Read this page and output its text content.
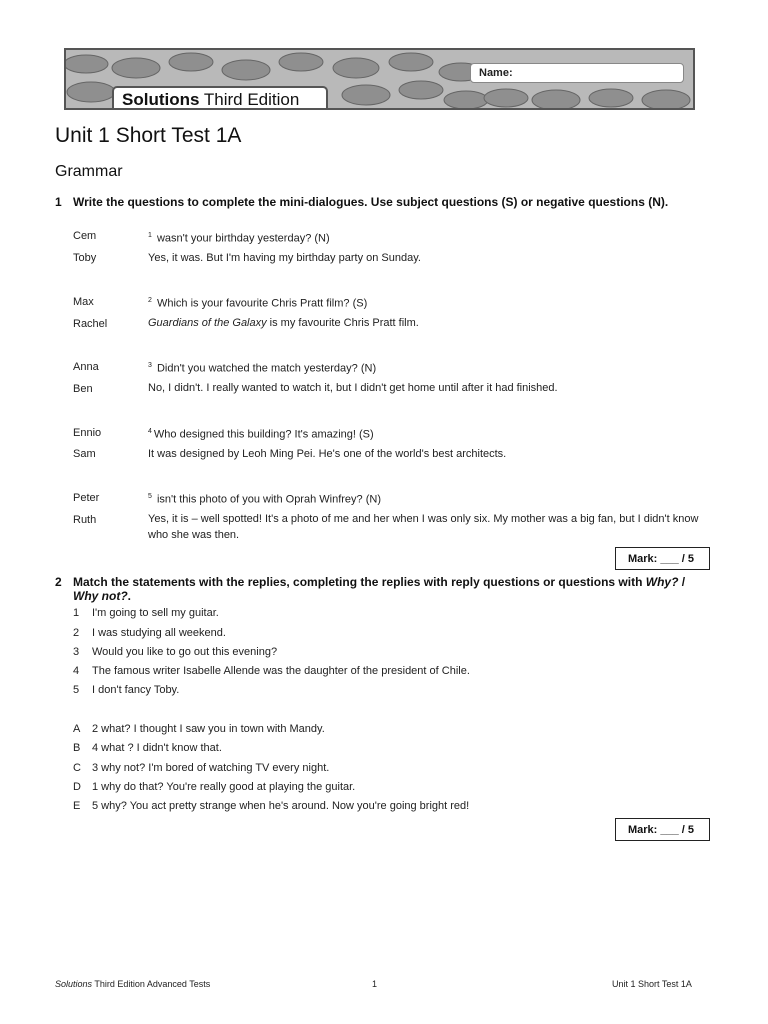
Name:
Solutions Third Edition
Unit 1 Short Test 1A
Grammar
1 Write the questions to complete the mini-dialogues. Use subject questions (S) or negative questions (N).
Cem	$^1$ wasn't your birthday yesterday? (N)
Toby	Yes, it was. But I'm having my birthday party on Sunday.
Max	$^2$ Which is your favourite Chris Pratt film? (S)
Rachel	Guardians of the Galaxy is my favourite Chris Pratt film.
Anna	$^3$ Didn't you watched the match yesterday? (N)
Ben	No, I didn't. I really wanted to watch it, but I didn't get home until after it had finished.
Ennio	$^4$ Who designed this building? It's amazing! (S)
Sam	It was designed by Leoh Ming Pei. He's one of the world's best architects.
Peter	$^5$ isn't this photo of you with Oprah Winfrey? (N)
Ruth	Yes, it is – well spotted! It's a photo of me and her when I was only six. My mother was a big fan, but I didn't know who she was then.
Mark: ___ / 5
2 Match the statements with the replies, completing the replies with reply questions or questions with Why? / Why not?.
1 I'm going to sell my guitar.
2 I was studying all weekend.
3 Would you like to go out this evening?
4 The famous writer Isabelle Allende was the daughter of the president of Chile.
5 I don't fancy Toby.
A 2 what? I thought I saw you in town with Mandy.
B 4 what ? I didn't know that.
C 3 why not? I'm bored of watching TV every night.
D 1 why do that? You're really good at playing the guitar.
E 5 why? You act pretty strange when he's around. Now you're going bright red!
Mark: ___ / 5
Solutions Third Edition Advanced Tests	1	Unit 1 Short Test 1A
